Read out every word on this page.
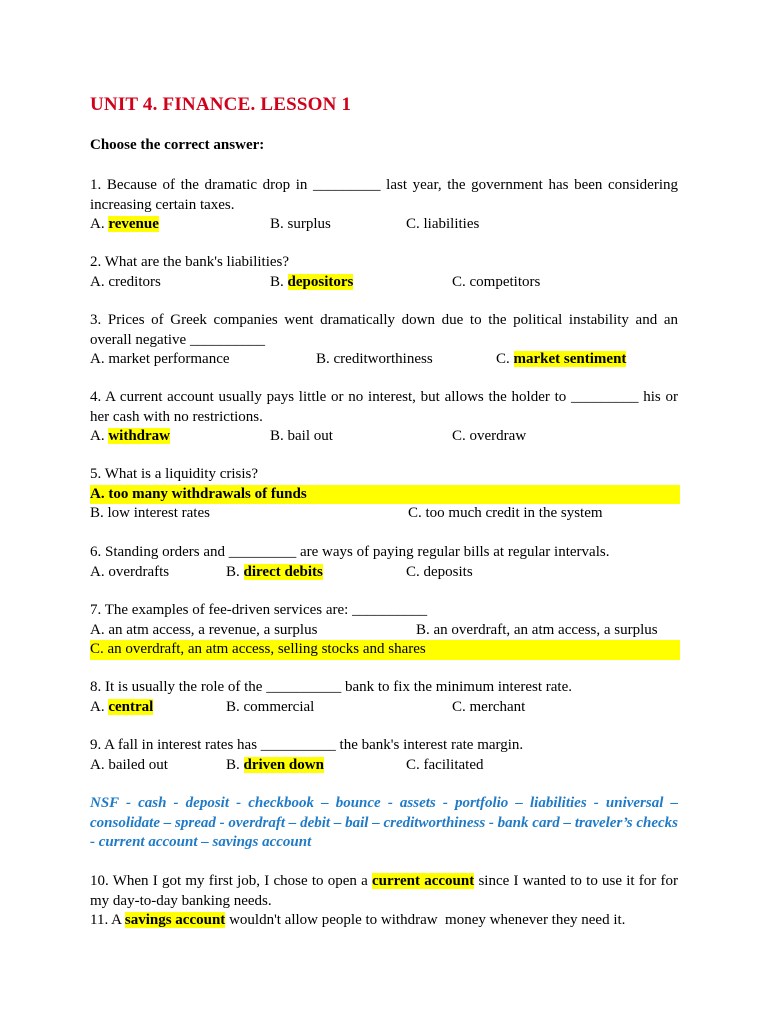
UNIT 4. FINANCE. LESSON 1
Choose the correct answer:
1. Because of the dramatic drop in _________ last year, the government has been considering increasing certain taxes.
A. revenue	B. surplus	C. liabilities
2. What are the bank's liabilities?
A. creditors	B. depositors	C. competitors
3. Prices of Greek companies went dramatically down due to the political instability and an overall negative __________
A. market performance	B. creditworthiness	C. market sentiment
4. A current account usually pays little or no interest, but allows the holder to _________ his or her cash with no restrictions.
A. withdraw	B. bail out	C. overdraw
5. What is a liquidity crisis?
A. too many withdrawals of funds
B. low interest rates	C. too much credit in the system
6. Standing orders and _________ are ways of paying regular bills at regular intervals.
A. overdrafts	B. direct debits	C. deposits
7. The examples of fee-driven services are: __________
A. an atm access, a revenue, a surplus	B. an overdraft, an atm access, a surplus
C. an overdraft, an atm access, selling stocks and shares
8. It is usually the role of the __________ bank to fix the minimum interest rate.
A. central	B. commercial	C. merchant
9. A fall in interest rates has __________ the bank's interest rate margin.
A. bailed out	B. driven down	C. facilitated
NSF - cash - deposit - checkbook – bounce - assets - portfolio – liabilities - universal – consolidate – spread - overdraft – debit – bail – creditworthiness - bank card – traveler’s checks - current account – savings account
10. When I got my first job, I chose to open a current account since I wanted to to use it for for my day-to-day banking needs.
11. A savings account wouldn't allow people to withdraw  money whenever they need it.
